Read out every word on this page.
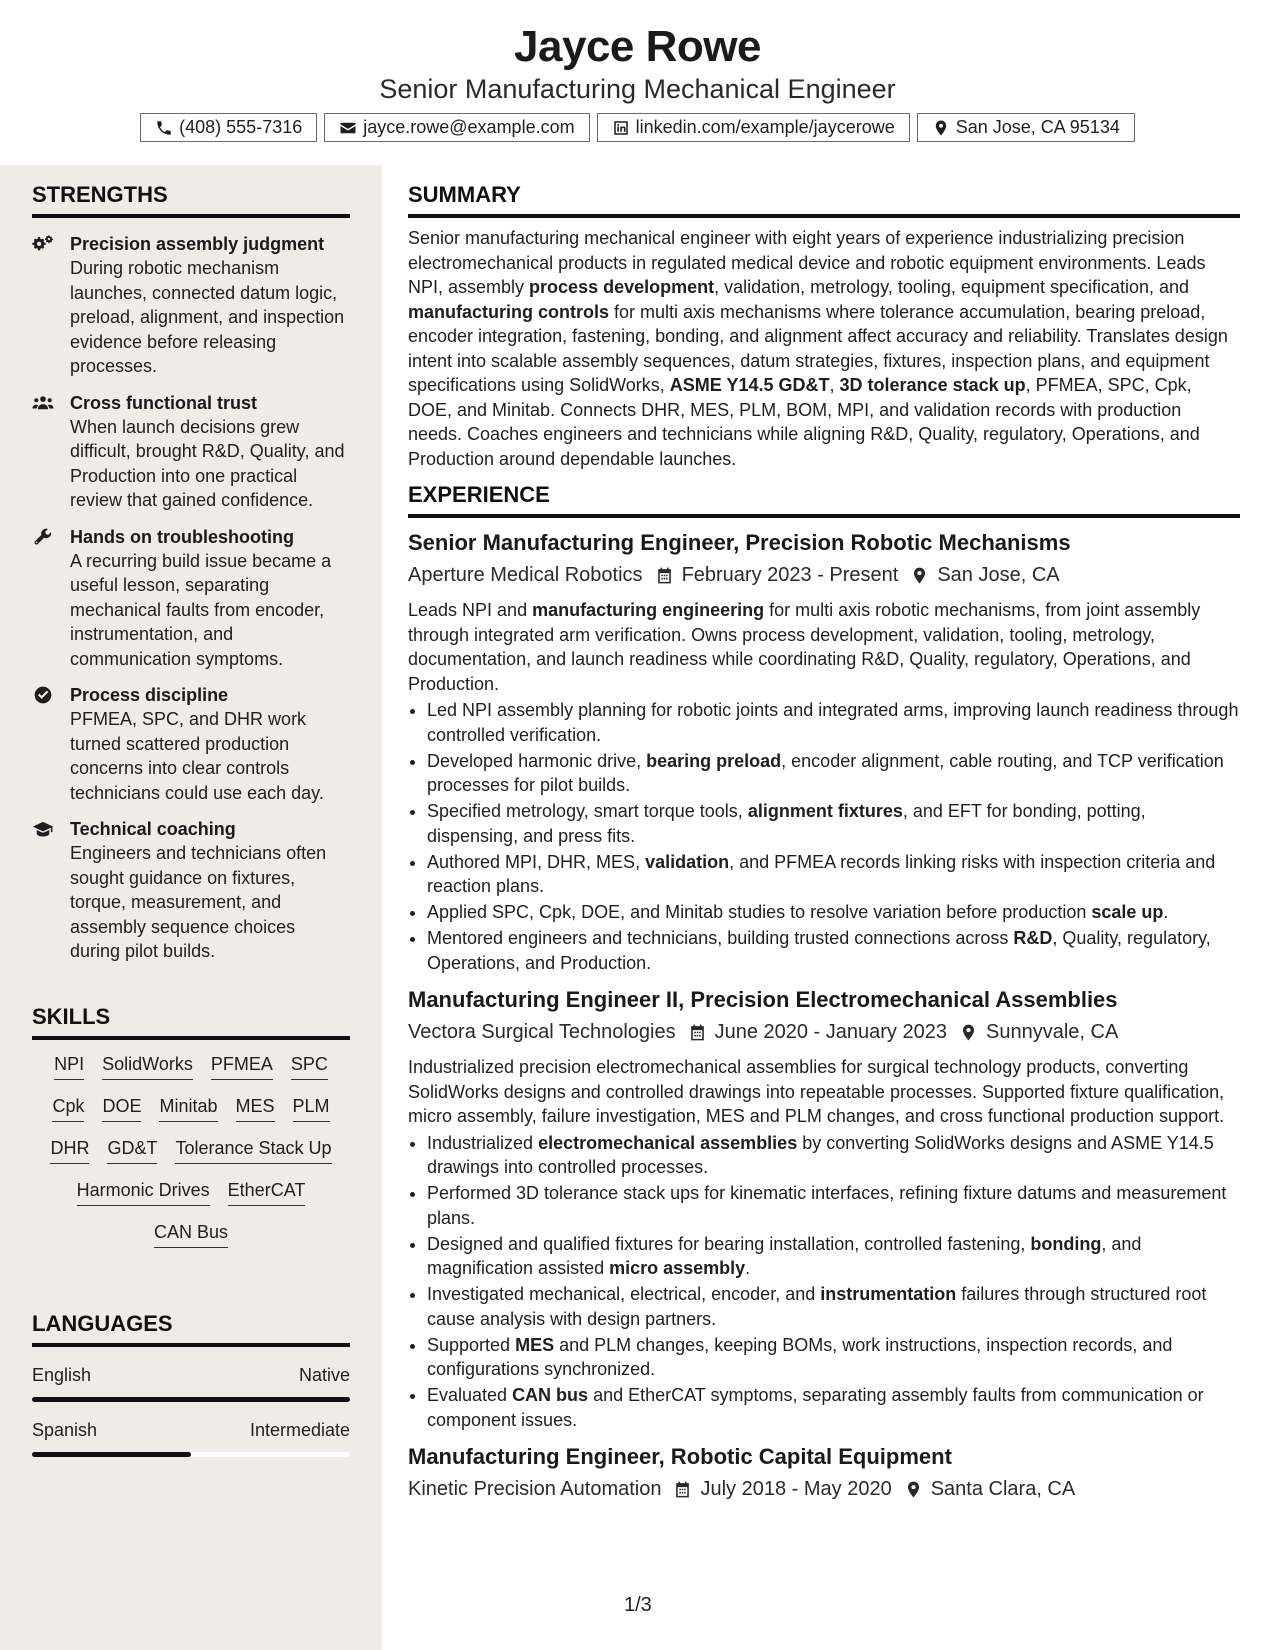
Jayce Rowe
Senior Manufacturing Mechanical Engineer
(408) 555-7316	jayce.rowe@example.com	linkedin.com/example/jaycerowe	San Jose, CA 95134
STRENGTHS
Precision assembly judgment
During robotic mechanism launches, connected datum logic, preload, alignment, and inspection evidence before releasing processes.
Cross functional trust
When launch decisions grew difficult, brought R&D, Quality, and Production into one practical review that gained confidence.
Hands on troubleshooting
A recurring build issue became a useful lesson, separating mechanical faults from encoder, instrumentation, and communication symptoms.
Process discipline
PFMEA, SPC, and DHR work turned scattered production concerns into clear controls technicians could use each day.
Technical coaching
Engineers and technicians often sought guidance on fixtures, torque, measurement, and assembly sequence choices during pilot builds.
SKILLS
NPI SolidWorks PFMEA SPC
Cpk DOE Minitab MES PLM
DHR GD&T Tolerance Stack Up
Harmonic Drives EtherCAT
CAN Bus
LANGUAGES
English	Native
Spanish	Intermediate
SUMMARY
Senior manufacturing mechanical engineer with eight years of experience industrializing precision electromechanical products in regulated medical device and robotic equipment environments. Leads NPI, assembly process development, validation, metrology, tooling, equipment specification, and manufacturing controls for multi axis mechanisms where tolerance accumulation, bearing preload, encoder integration, fastening, bonding, and alignment affect accuracy and reliability. Translates design intent into scalable assembly sequences, datum strategies, fixtures, inspection plans, and equipment specifications using SolidWorks, ASME Y14.5 GD&T, 3D tolerance stack up, PFMEA, SPC, Cpk, DOE, and Minitab. Connects DHR, MES, PLM, BOM, MPI, and validation records with production needs. Coaches engineers and technicians while aligning R&D, Quality, regulatory, Operations, and Production around dependable launches.
EXPERIENCE
Senior Manufacturing Engineer, Precision Robotic Mechanisms
Aperture Medical Robotics February 2023 - Present San Jose, CA
Leads NPI and manufacturing engineering for multi axis robotic mechanisms, from joint assembly through integrated arm verification. Owns process development, validation, tooling, metrology, documentation, and launch readiness while coordinating R&D, Quality, regulatory, Operations, and Production.
• Led NPI assembly planning for robotic joints and integrated arms, improving launch readiness through controlled verification.
• Developed harmonic drive, bearing preload, encoder alignment, cable routing, and TCP verification processes for pilot builds.
• Specified metrology, smart torque tools, alignment fixtures, and EFT for bonding, potting, dispensing, and press fits.
• Authored MPI, DHR, MES, validation, and PFMEA records linking risks with inspection criteria and reaction plans.
• Applied SPC, Cpk, DOE, and Minitab studies to resolve variation before production scale up.
• Mentored engineers and technicians, building trusted connections across R&D, Quality, regulatory, Operations, and Production.
Manufacturing Engineer II, Precision Electromechanical Assemblies
Vectora Surgical Technologies June 2020 - January 2023 Sunnyvale, CA
Industrialized precision electromechanical assemblies for surgical technology products, converting SolidWorks designs and controlled drawings into repeatable processes. Supported fixture qualification, micro assembly, failure investigation, MES and PLM changes, and cross functional production support.
• Industrialized electromechanical assemblies by converting SolidWorks designs and ASME Y14.5 drawings into controlled processes.
• Performed 3D tolerance stack ups for kinematic interfaces, refining fixture datums and measurement plans.
• Designed and qualified fixtures for bearing installation, controlled fastening, bonding, and magnification assisted micro assembly.
• Investigated mechanical, electrical, encoder, and instrumentation failures through structured root cause analysis with design partners.
• Supported MES and PLM changes, keeping BOMs, work instructions, inspection records, and configurations synchronized.
• Evaluated CAN bus and EtherCAT symptoms, separating assembly faults from communication or component issues.
Manufacturing Engineer, Robotic Capital Equipment
Kinetic Precision Automation July 2018 - May 2020 Santa Clara, CA
1/3
